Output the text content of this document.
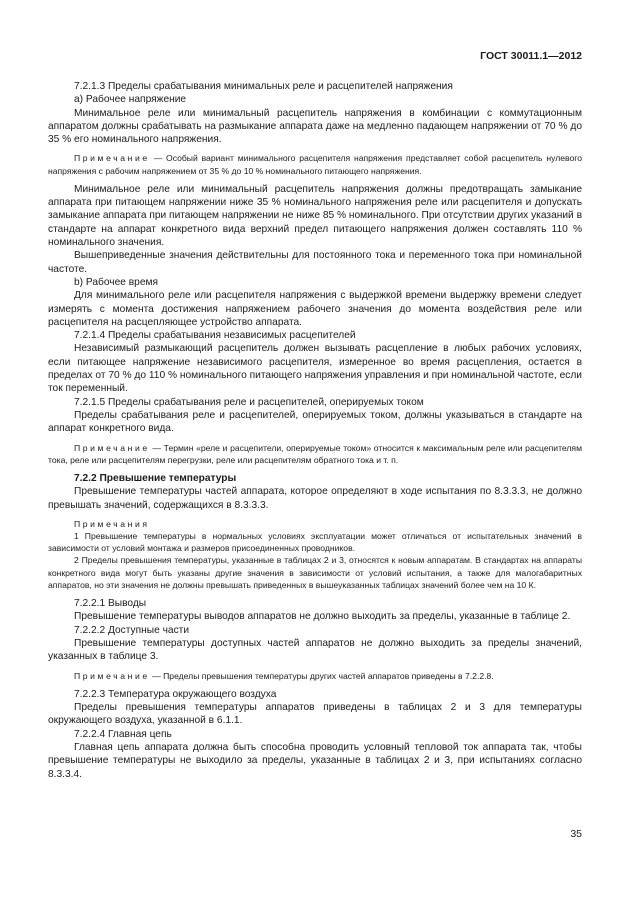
ГОСТ 30011.1—2012

7.2.1.3 Пределы срабатывания минимальных реле и расцепителей напряжения

а) Рабочее напряжение

Минимальное реле или минимальный расцепитель напряжения в комбинации с коммутационным аппаратом должны срабатывать на размыкание аппарата даже на медленно падающем напряжении от 70 % до 35 % его номинального напряжения.

Примечание — Особый вариант минимального расцепителя напряжения представляет собой расцепитель нулевого напряжения с рабочим напряжением от 35 % до 10 % номинального питающего напряжения.

Минимальное реле или минимальный расцепитель напряжения должны предотвращать замыкание аппарата при питающем напряжении ниже 35 % номинального напряжения реле или расцепителя и допускать замыкание аппарата при питающем напряжении не ниже 85 % номинального. При отсутствии других указаний в стандарте на аппарат конкретного вида верхний предел питающего напряжения должен составлять 110 % номинального значения.

Вышеприведенные значения действительны для постоянного тока и переменного тока при номинальной частоте.

b) Рабочее время

Для минимального реле или расцепителя напряжения с выдержкой времени выдержку времени следует измерять с момента достижения напряжением рабочего значения до момента воздействия реле или расцепителя на расцепляющее устройство аппарата.

7.2.1.4 Пределы срабатывания независимых расцепителей

Независимый размыкающий расцепитель должен вызывать расцепление в любых рабочих условиях, если питающее напряжение независимого расцепителя, измеренное во время расцепления, остается в пределах от 70 % до 110 % номинального питающего напряжения управления и при номинальной частоте, если ток переменный.

7.2.1.5 Пределы срабатывания реле и расцепителей, оперируемых током

Пределы срабатывания реле и расцепителей, оперируемых током, должны указываться в стандарте на аппарат конкретного вида.

Примечание — Термин «реле и расцепители, оперируемые током» относится к максимальным реле или расцепителям тока, реле или расцепителям перегрузки, реле или расцепителям обратного тока и т. п.

7.2.2 Превышение температуры

Превышение температуры частей аппарата, которое определяют в ходе испытания по 8.3.3.3, не должно превышать значений, содержащихся в 8.3.3.3.

Примечания

1 Превышение температуры в нормальных условиях эксплуатации может отличаться от испытательных значений в зависимости от условий монтажа и размеров присоединенных проводников.

2 Пределы превышения температуры, указанные в таблицах 2 и 3, относятся к новым аппаратам. В стандартах на аппараты конкретного вида могут быть указаны другие значения в зависимости от условий испытания, а также для малогабаритных аппаратов, но эти значения не должны превышать приведенных в вышеуказанных таблицах значений более чем на 10 К.

7.2.2.1 Выводы

Превышение температуры выводов аппаратов не должно выходить за пределы, указанные в таблице 2.

7.2.2.2 Доступные части

Превышение температуры доступных частей аппаратов не должно выходить за пределы значений, указанных в таблице 3.

Примечание — Пределы превышения температуры других частей аппаратов приведены в 7.2.2.8.

7.2.2.3 Температура окружающего воздуха

Пределы превышения температуры аппаратов приведены в таблицах 2 и 3 для температуры окружающего воздуха, указанной в 6.1.1.

7.2.2.4 Главная цепь

Главная цепь аппарата должна быть способна проводить условный тепловой ток аппарата так, чтобы превышение температуры не выходило за пределы, указанные в таблицах 2 и 3, при испытаниях согласно 8.3.3.4.

35
